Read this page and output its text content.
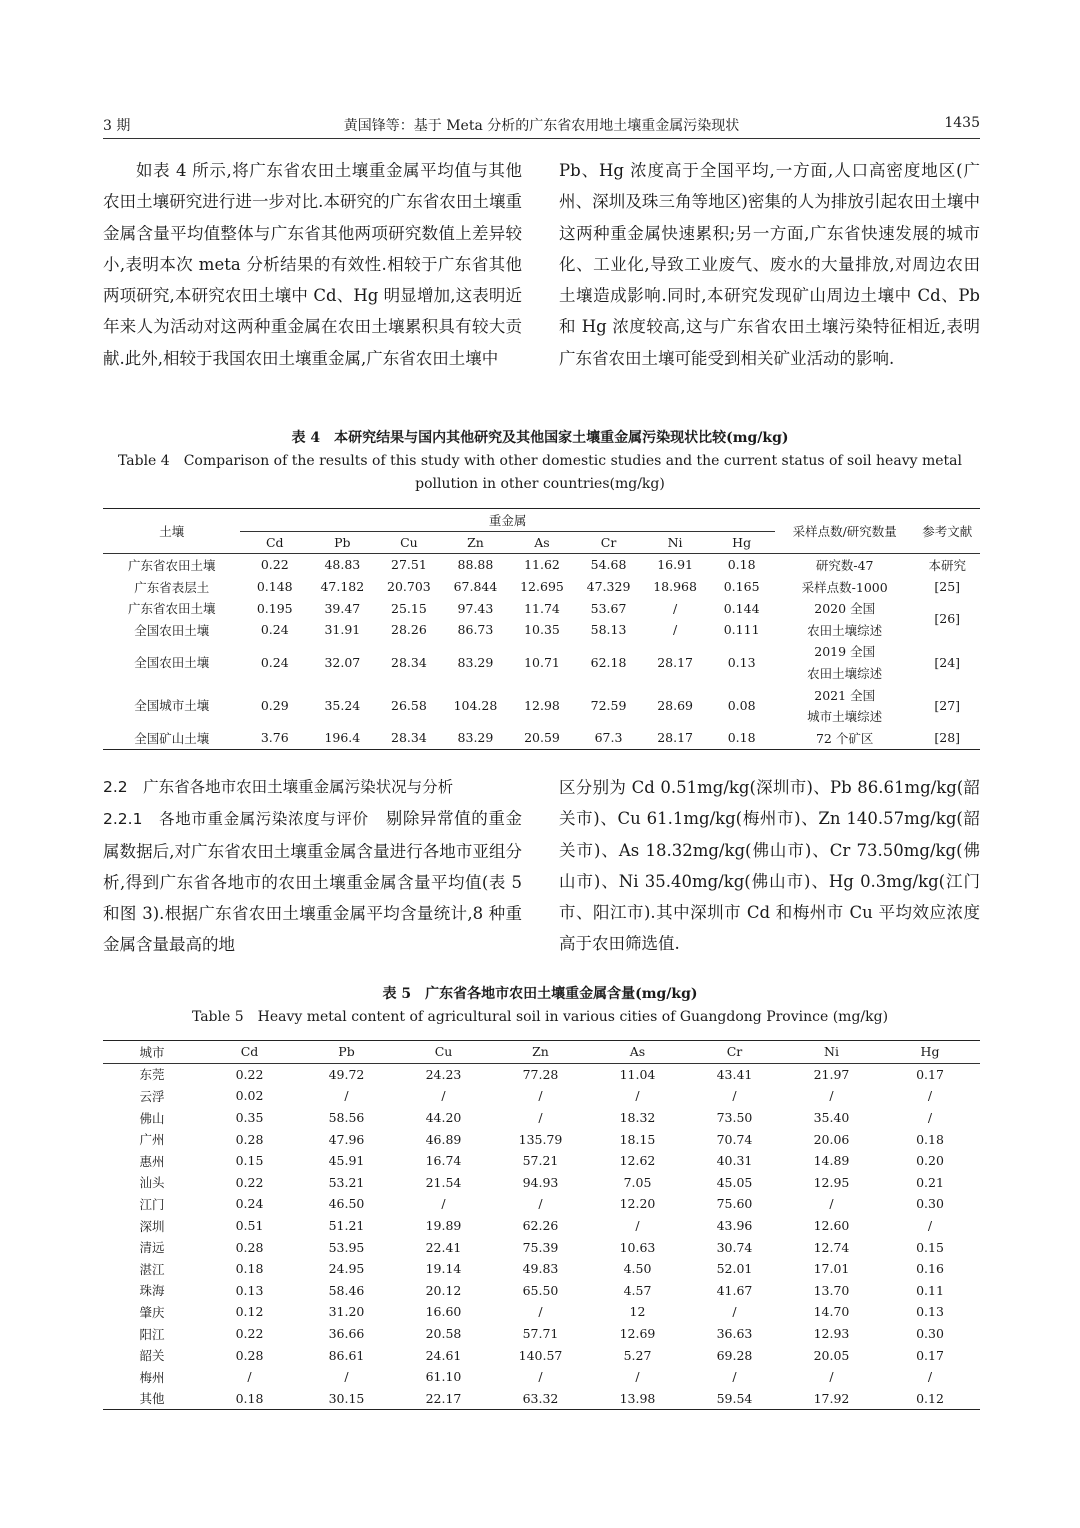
3 期	黄国锋等：基于 Meta 分析的广东省农用地土壤重金属污染现状	1435

如表 4 所示,将广东省农田土壤重金属平均值与其他农田土壤研究进行进一步对比.本研究的广东省农田土壤重金属含量平均值整体与广东省其他两项研究数值上差异较小,表明本次 meta 分析结果的有效性.相较于广东省其他两项研究,本研究农田土壤中 Cd、Hg 明显增加,这表明近年来人为活动对这两种重金属在农田土壤累积具有较大贡献.此外,相较于我国农田土壤重金属,广东省农田土壤中

Pb、Hg 浓度高于全国平均,一方面,人口高密度地区(广州、深圳及珠三角等地区)密集的人为排放引起农田土壤中这两种重金属快速累积;另一方面,广东省快速发展的城市化、工业化,导致工业废气、废水的大量排放,对周边农田土壤造成影响.同时,本研究发现矿山周边土壤中 Cd、Pb 和 Hg 浓度较高,这与广东省农田土壤污染特征相近,表明广东省农田土壤可能受到相关矿业活动的影响.

表 4　本研究结果与国内其他研究及其他国家土壤重金属污染现状比较(mg/kg)
Table 4　Comparison of the results of this study with other domestic studies and the current status of soil heavy metal pollution in other countries(mg/kg)
土壤	重金属								采样点数/研究数量	参考文献
	Cd	Pb	Cu	Zn	As	Cr	Ni	Hg		
广东省农田土壤	0.22	48.83	27.51	88.88	11.62	54.68	16.91	0.18	研究数-47	本研究
广东省表层土	0.148	47.182	20.703	67.844	12.695	47.329	18.968	0.165	采样点数-1000	[25]
广东省农田土壤	0.195	39.47	25.15	97.43	11.74	53.67	/	0.144	2020 全国	[26]
全国农田土壤	0.24	31.91	28.26	86.73	10.35	58.13	/	0.111	农田土壤综述	
全国农田土壤	0.24	32.07	28.34	83.29	10.71	62.18	28.17	0.13	2019 全国	[24]
									农田土壤综述	
全国城市土壤	0.29	35.24	26.58	104.28	12.98	72.59	28.69	0.08	2021 全国	[27]
									城市土壤综述	
全国矿山土壤	3.76	196.4	28.34	83.29	20.59	67.3	28.17	0.18	72 个矿区	[28]

2.2　广东省各地市农田土壤重金属污染状况与分析

2.2.1　各地市重金属污染浓度与评价　 剔除异常值的重金属数据后,对广东省农田土壤重金属含量进行各地市亚组分析,得到广东省各地市的农田土壤重金属含量平均值(表 5 和图 3).根据广东省农田土壤重金属平均含量统计,8 种重金属含量最高的地

区分别为 Cd 0.51mg/kg(深圳市)、Pb 86.61mg/kg(韶关市)、Cu 61.1mg/kg(梅州市)、Zn 140.57mg/kg(韶关市)、As 18.32mg/kg(佛山市)、Cr 73.50mg/kg(佛山市)、Ni 35.40mg/kg(佛山市)、Hg 0.3mg/kg(江门市、阳江市).其中深圳市 Cd 和梅州市 Cu 平均效应浓度高于农田筛选值.

表 5　广东省各地市农田土壤重金属含量(mg/kg)
Table 5　Heavy metal content of agricultural soil in various cities of Guangdong Province (mg/kg)
城市	Cd	Pb	Cu	Zn	As	Cr	Ni	Hg
东莞	0.22	49.72	24.23	77.28	11.04	43.41	21.97	0.17
云浮	0.02	/	/	/	/	/	/	/
佛山	0.35	58.56	44.20	/	18.32	73.50	35.40	/
广州	0.28	47.96	46.89	135.79	18.15	70.74	20.06	0.18
惠州	0.15	45.91	16.74	57.21	12.62	40.31	14.89	0.20
汕头	0.22	53.21	21.54	94.93	7.05	45.05	12.95	0.21
江门	0.24	46.50	/	/	12.20	75.60	/	0.30
深圳	0.51	51.21	19.89	62.26	/	43.96	12.60	/
清远	0.28	53.95	22.41	75.39	10.63	30.74	12.74	0.15
湛江	0.18	24.95	19.14	49.83	4.50	52.01	17.01	0.16
珠海	0.13	58.46	20.12	65.50	4.57	41.67	13.70	0.11
肇庆	0.12	31.20	16.60	/	12	/	14.70	0.13
阳江	0.22	36.66	20.58	57.71	12.69	36.63	12.93	0.30
韶关	0.28	86.61	24.61	140.57	5.27	69.28	20.05	0.17
梅州	/	/	61.10	/	/	/	/	/
其他	0.18	30.15	22.17	63.32	13.98	59.54	17.92	0.12
